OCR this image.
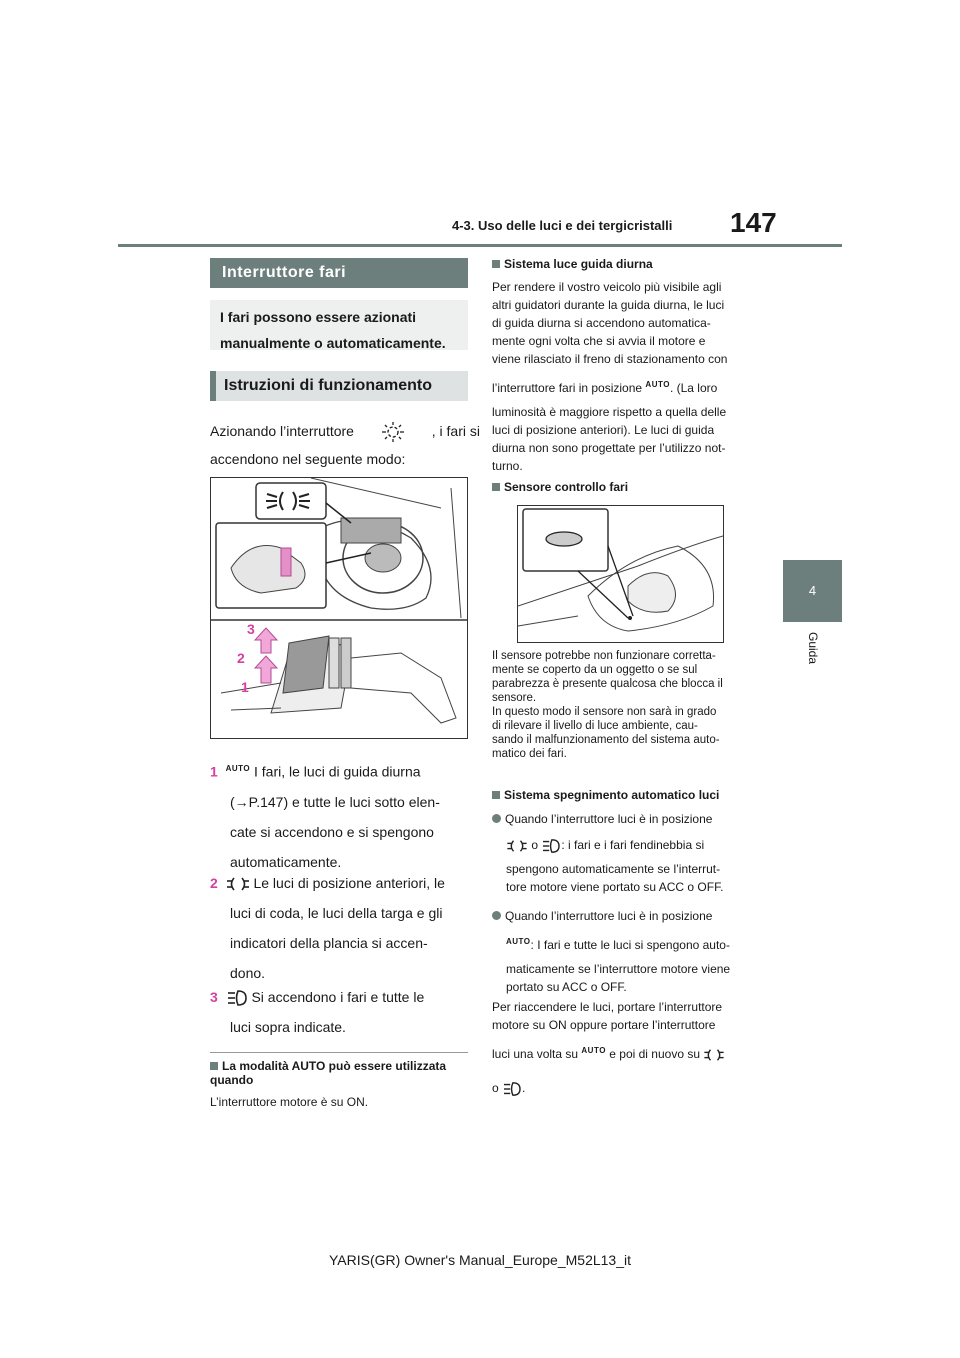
4-3. Uso delle luci e dei tergicristalli 147
4
Guida
Interruttore fari
I fari possono essere azionati manualmente o automaticamente.
Istruzioni di funzionamento
Azionando l’interruttore	, i fari si
accendono nel seguente modo:
3
2
1
1 AUTO I fari, le luci di guida diurna
(→P.147) e tutte le luci sotto elen-
cate si accendono e si spengono
automaticamente.
2	Le luci di posizione anteriori, le
luci di coda, le luci della targa e gli
indicatori della plancia si accen-
dono.
3 Si accendono i fari e tutte le
luci sopra indicate.
La modalità AUTO può essere utilizzata quando
L’interruttore motore è su ON.
Sistema luce guida diurna
Per rendere il vostro veicolo più visibile agli
altri guidatori durante la guida diurna, le luci
di guida diurna si accendono automatica-
mente ogni volta che si avvia il motore e
viene rilasciato il freno di stazionamento con
l’interruttore fari in posizione AUTO. (La loro
luminosità è maggiore rispetto a quella delle
luci di posizione anteriori). Le luci di guida
diurna non sono progettate per l’utilizzo not-
turno.
Sensore controllo fari
Il sensore potrebbe non funzionare corretta-
mente se coperto da un oggetto o se sul
parabrezza è presente qualcosa che blocca il
sensore.
In questo modo il sensore non sarà in grado
di rilevare il livello di luce ambiente, cau-
sando il malfunzionamento del sistema auto-
matico dei fari.
Sistema spegnimento automatico luci
Quando l’interruttore luci è in posizione
o : i fari e i fari fendinebbia si
spengono automaticamente se l’interrut-
tore motore viene portato su ACC o OFF.
Quando l’interruttore luci è in posizione
AUTO: I fari e tutte le luci si spengono auto-
maticamente se l’interruttore motore viene
portato su ACC o OFF.
Per riaccendere le luci, portare l’interruttore
motore su ON oppure portare l’interruttore
luci una volta su AUTO e poi di nuovo su
o .
YARIS(GR) Owner's Manual_Europe_M52L13_it
